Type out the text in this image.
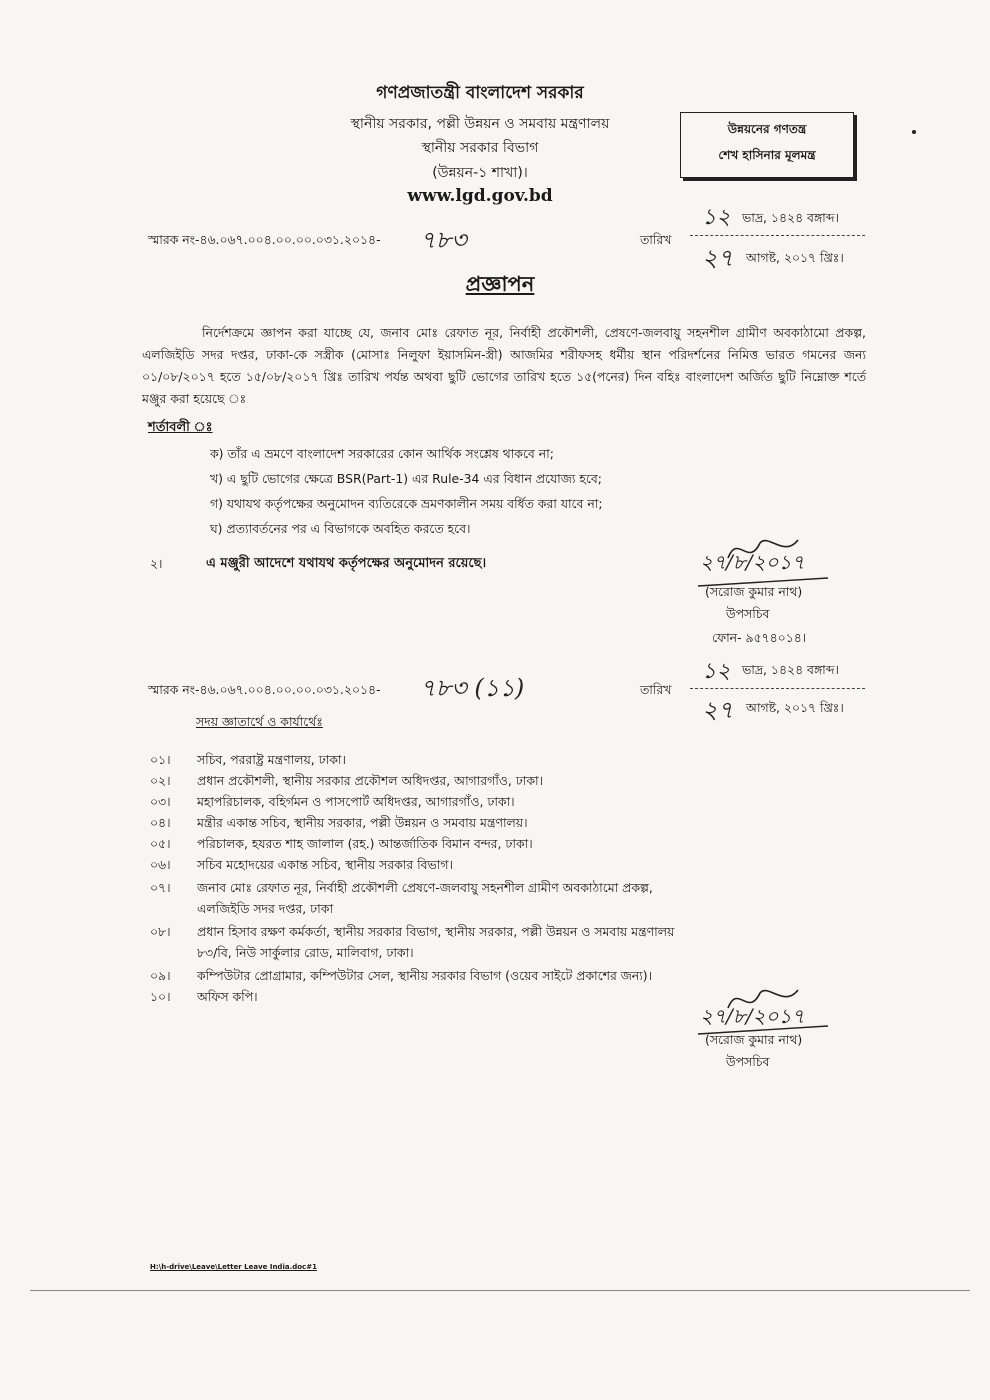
গণপ্রজাতন্ত্রী বাংলাদেশ সরকার
স্থানীয় সরকার, পল্লী উন্নয়ন ও সমবায় মন্ত্রণালয়
স্থানীয় সরকার বিভাগ
(উন্নয়ন-১ শাখা)।
www.lgd.gov.bd
উন্নয়নের গণতন্ত্র
শেখ হাসিনার মূলমন্ত্র
স্মারক নং-৪৬.০৬৭.০০৪.০০.০০.০৩১.২০১৪- ৭৮৩	তারিখ
১২ ভাদ্র, ১৪২৪ বঙ্গাব্দ।
২৭ আগষ্ট, ২০১৭ খ্রিঃ।
প্রজ্ঞাপন
নির্দেশক্রমে জ্ঞাপন করা যাচ্ছে যে, জনাব মোঃ রেফাত নূর, নির্বাহী প্রকৌশলী, প্রেষণে-জলবায়ু সহনশীল গ্রামীণ অবকাঠামো প্রকল্প, এলজিইডি সদর দপ্তর, ঢাকা-কে সস্ত্রীক (মোসাঃ নিলুফা ইয়াসমিন-স্ত্রী) আজমির শরীফসহ ধর্মীয় স্থান পরিদর্শনের নিমিত্ত ভারত গমনের জন্য ০১/০৮/২০১৭ হতে ১৫/০৮/২০১৭ খ্রিঃ তারিখ পর্যন্ত অথবা ছুটি ভোগের তারিখ হতে ১৫(পনের) দিন বহিঃ বাংলাদেশ অর্জিত ছুটি নিম্নোক্ত শর্তে মঞ্জুর করা হয়েছে ঃ
শর্তাবলী ঃ
ক) তাঁর এ ভ্রমণে বাংলাদেশ সরকারের কোন আর্থিক সংশ্লেষ থাকবে না;
খ) এ ছুটি ভোগের ক্ষেত্রে BSR(Part-1) এর Rule-34 এর বিধান প্রযোজ্য হবে;
গ) যথাযথ কর্তৃপক্ষের অনুমোদন ব্যতিরেকে ভ্রমণকালীন সময় বর্ধিত করা যাবে না;
ঘ) প্রত্যাবর্তনের পর এ বিভাগকে অবহিত করতে হবে।
২।	এ মঞ্জুরী আদেশে যথাযথ কর্তৃপক্ষের অনুমোদন রয়েছে।	২৭/৮/২০১৭
(সরোজ কুমার নাথ)
উপসচিব
ফোন- ৯৫৭৪০১৪।
স্মারক নং-৪৬.০৬৭.০০৪.০০.০০.০৩১.২০১৪- ৭৮৩ (১১)	তারিখ
১২ ভাদ্র, ১৪২৪ বঙ্গাব্দ।
২৭ আগষ্ট, ২০১৭ খ্রিঃ।
সদয় জ্ঞাতার্থে ও কার্যার্থেঃ
০১। সচিব, পররাষ্ট্র মন্ত্রণালয়, ঢাকা।
০২। প্রধান প্রকৌশলী, স্থানীয় সরকার প্রকৌশল অধিদপ্তর, আগারগাঁও, ঢাকা।
০৩। মহাপরিচালক, বহির্গমন ও পাসপোর্ট অধিদপ্তর, আগারগাঁও, ঢাকা।
০৪। মন্ত্রীর একান্ত সচিব, স্থানীয় সরকার, পল্লী উন্নয়ন ও সমবায় মন্ত্রণালয়।
০৫। পরিচালক, হযরত শাহ জালাল (রহ.) আন্তর্জাতিক বিমান বন্দর, ঢাকা।
০৬। সচিব মহোদয়ের একান্ত সচিব, স্থানীয় সরকার বিভাগ।
০৭। জনাব মোঃ রেফাত নূর, নির্বাহী প্রকৌশলী প্রেষণে-জলবায়ু সহনশীল গ্রামীণ অবকাঠামো প্রকল্প,
এলজিইডি সদর দপ্তর, ঢাকা
০৮। প্রধান হিসাব রক্ষণ কর্মকর্তা, স্থানীয় সরকার বিভাগ, স্থানীয় সরকার, পল্লী উন্নয়ন ও সমবায় মন্ত্রণালয়
৮৩/বি, নিউ সার্কুলার রোড, মালিবাগ, ঢাকা।
০৯। কম্পিউটার প্রোগ্রামার, কম্পিউটার সেল, স্থানীয় সরকার বিভাগ (ওয়েব সাইটে প্রকাশের জন্য)।
১০। অফিস কপি।
২৭/৮/২০১৭
(সরোজ কুমার নাথ)
উপসচিব
H:\h-drive\Leave\Letter Leave India.doc#1
